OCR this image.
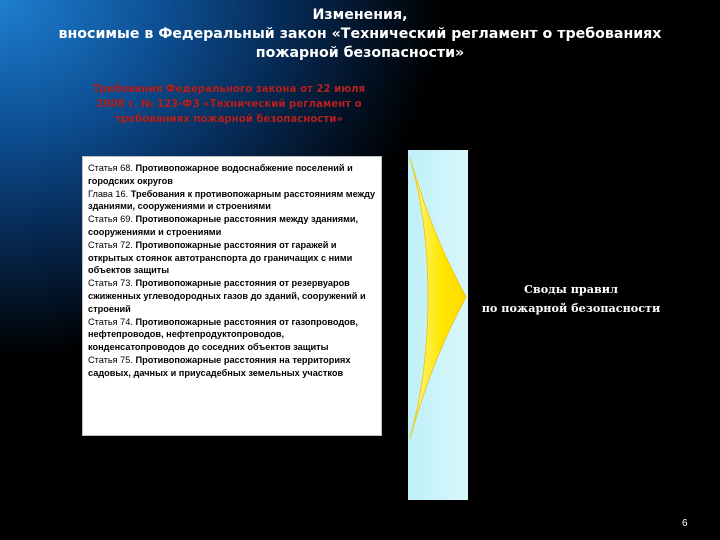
Изменения,
вносимые в Федеральный закон «Технический регламент о требованиях
пожарной безопасности»
Требования Федерального закона от 22 июля
2008 г. № 123-ФЗ «Технический регламент о
требованиях пожарной безопасности»

Статья 68. Противопожарное водоснабжение поселений и городских округов

Глава 16. Требования к противопожарным расстояниям между зданиями, сооружениями и строениями

Статья 69. Противопожарные расстояния между зданиями, сооружениями и строениями

Статья 72. Противопожарные расстояния от гаражей и открытых стоянок автотранспорта до граничащих с ними объектов защиты

Статья 73. Противопожарные расстояния от резервуаров сжиженных углеводородных газов до зданий, сооружений и строений

Статья 74. Противопожарные расстояния от газопроводов, нефтепроводов, нефтепродуктопроводов, конденсатопроводов до соседних объектов защиты

Статья 75. Противопожарные расстояния на территориях садовых, дачных и приусадебных земельных участков

Своды правил
по пожарной безопасности
6
